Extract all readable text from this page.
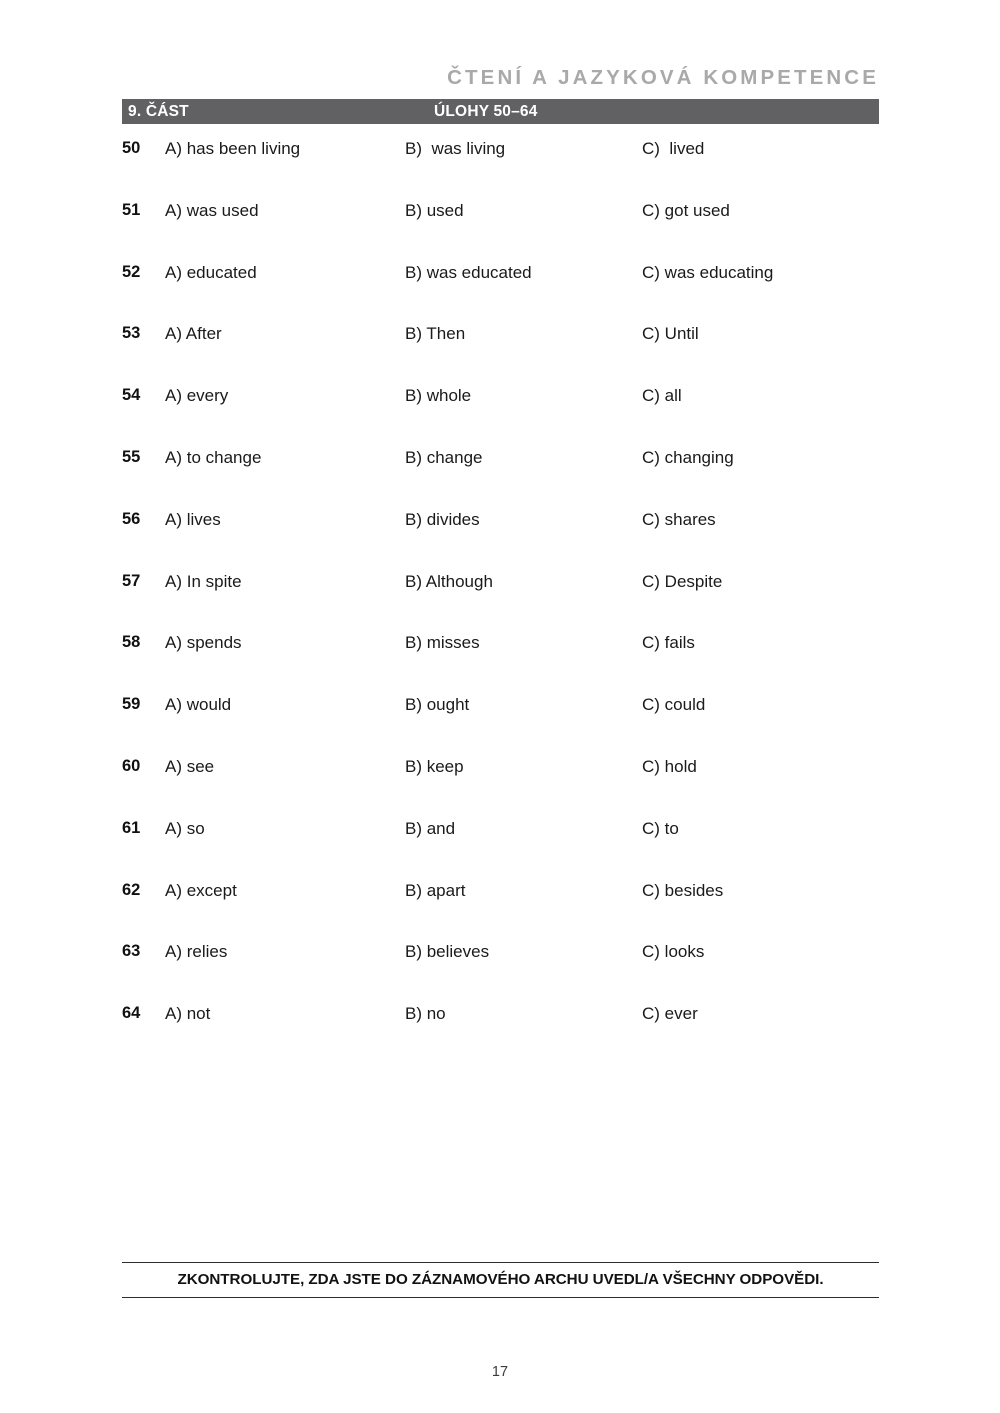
ČTENÍ A JAZYKOVÁ KOMPETENCE
9. ČÁST	ÚLOHY 50–64
50	A) has been living	B)  was living	C)  lived
51	A) was used	B) used	C) got used
52	A) educated	B) was educated	C) was educating
53	A) After	B) Then	C) Until
54	A) every	B) whole	C) all
55	A) to change	B) change	C) changing
56	A) lives	B) divides	C) shares
57	A) In spite	B) Although	C) Despite
58	A) spends	B) misses	C) fails
59	A) would	B) ought	C) could
60	A) see	B) keep	C) hold
61	A) so	B) and	C) to
62	A) except	B) apart	C) besides
63	A) relies	B) believes	C) looks
64	A) not	B) no	C) ever
ZKONTROLUJTE, ZDA JSTE DO ZÁZNAMOVÉHO ARCHU UVEDL/A VŠECHNY ODPOVĚDI.
17
